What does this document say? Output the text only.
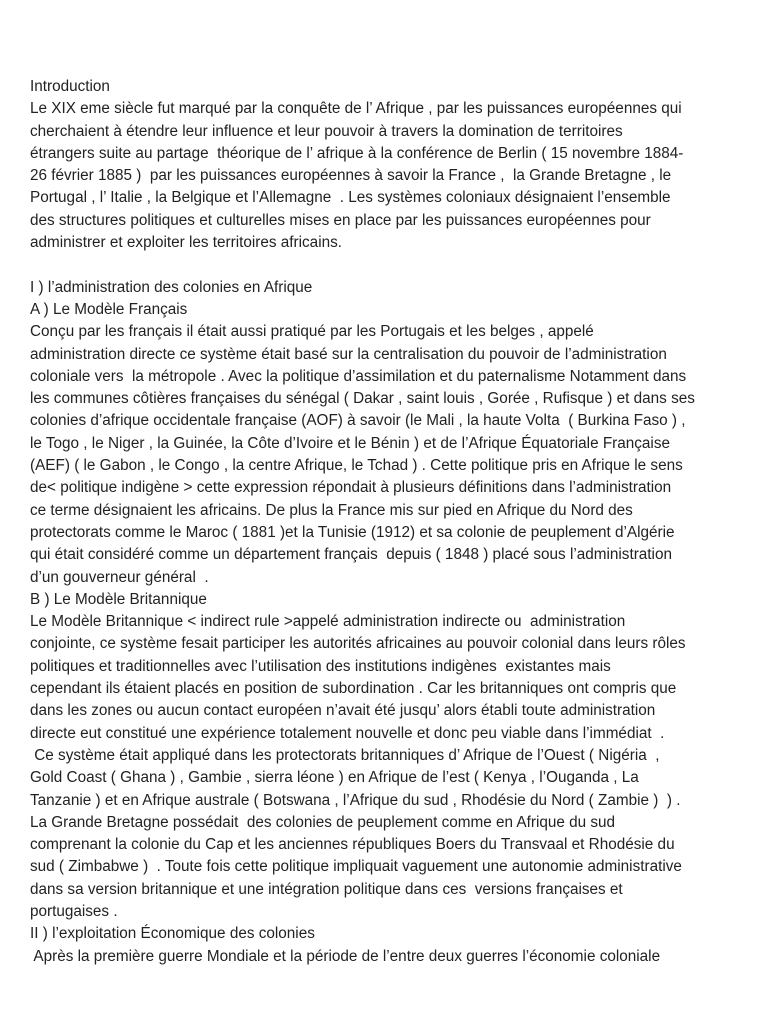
Introduction
Le XIX eme siècle fut marqué par la conquête de l’ Afrique , par les puissances européennes qui
cherchaient à étendre leur influence et leur pouvoir à travers la domination de territoires
étrangers suite au partage  théorique de l’ afrique à la conférence de Berlin ( 15 novembre 1884-
26 février 1885 )  par les puissances européennes à savoir la France ,  la Grande Bretagne , le
Portugal , l’ Italie , la Belgique et l’Allemagne  . Les systèmes coloniaux désignaient l’ensemble
des structures politiques et culturelles mises en place par les puissances européennes pour
administrer et exploiter les territoires africains.
I ) l’administration des colonies en Afrique
A ) Le Modèle Français
Conçu par les français il était aussi pratiqué par les Portugais et les belges , appelé
administration directe ce système était basé sur la centralisation du pouvoir de l’administration
coloniale vers  la métropole . Avec la politique d’assimilation et du paternalisme Notamment dans
les communes côtières françaises du sénégal ( Dakar , saint louis , Gorée , Rufisque ) et dans ses
colonies d’afrique occidentale française (AOF) à savoir (le Mali , la haute Volta  ( Burkina Faso ) ,
le Togo , le Niger , la Guinée, la Côte d’Ivoire et le Bénin ) et de l’Afrique Équatoriale Française
(AEF) ( le Gabon , le Congo , la centre Afrique, le Tchad ) . Cette politique pris en Afrique le sens
de< politique indigène > cette expression répondait à plusieurs définitions dans l’administration
ce terme désignaient les africains. De plus la France mis sur pied en Afrique du Nord des
protectorats comme le Maroc ( 1881 )et la Tunisie (1912) et sa colonie de peuplement d’Algérie
qui était considéré comme un département français  depuis ( 1848 ) placé sous l’administration
d’un gouverneur général  .
B ) Le Modèle Britannique
Le Modèle Britannique < indirect rule >appelé administration indirecte ou  administration
conjointe, ce système fesait participer les autorités africaines au pouvoir colonial dans leurs rôles
politiques et traditionnelles avec l’utilisation des institutions indigènes  existantes mais
cependant ils étaient placés en position de subordination . Car les britanniques ont compris que
dans les zones ou aucun contact européen n’avait été jusqu’ alors établi toute administration
directe eut constitué une expérience totalement nouvelle et donc peu viable dans l’immédiat  .
Ce système était appliqué dans les protectorats britanniques d’ Afrique de l’Ouest ( Nigéria  ,
Gold Coast ( Ghana ) , Gambie , sierra léone ) en Afrique de l’est ( Kenya , l’Ouganda , La
Tanzanie ) et en Afrique australe ( Botswana , l’Afrique du sud , Rhodésie du Nord ( Zambie )  ) .
La Grande Bretagne possédait  des colonies de peuplement comme en Afrique du sud
comprenant la colonie du Cap et les anciennes républiques Boers du Transvaal et Rhodésie du
sud ( Zimbabwe )  . Toute fois cette politique impliquait vaguement une autonomie administrative
dans sa version britannique et une intégration politique dans ces  versions françaises et
portugaises .
II ) l’exploitation Économique des colonies
Après la première guerre Mondiale et la période de l’entre deux guerres l’économie coloniale
